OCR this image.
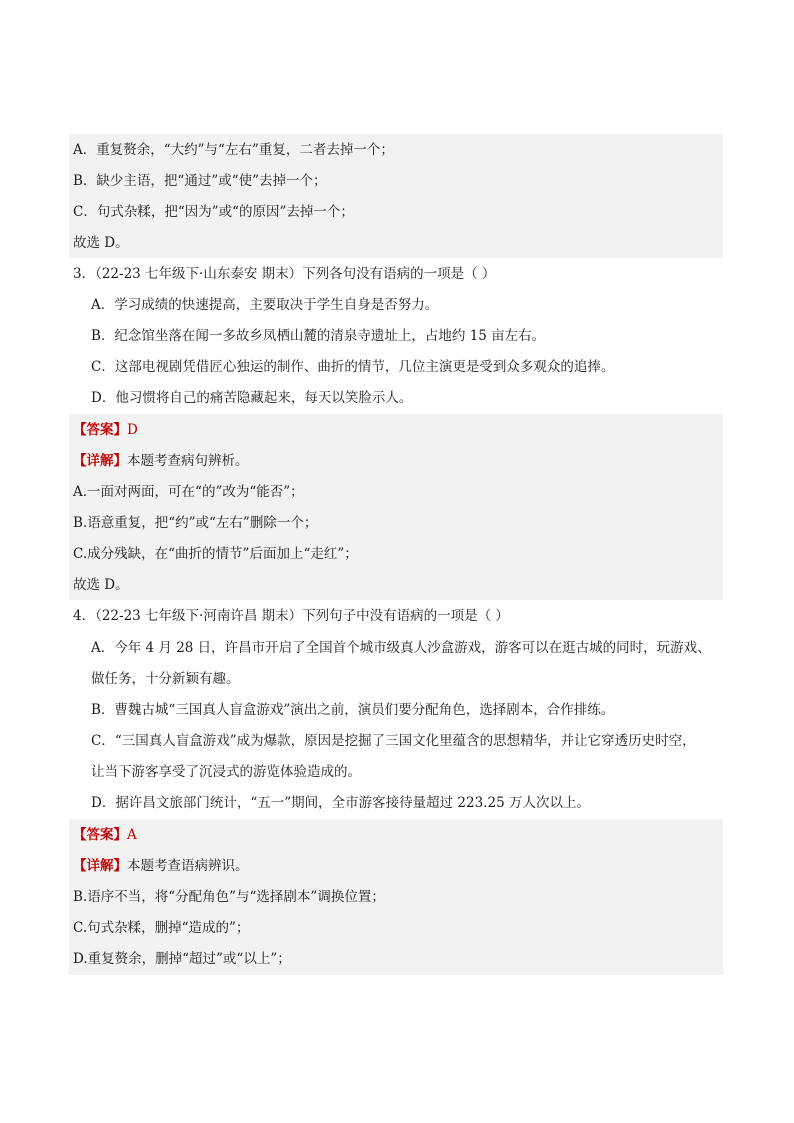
A．重复赘余，“大约”与“左右”重复，二者去掉一个；
B．缺少主语，把“通过”或“使”去掉一个；
C．句式杂糅，把“因为”或“的原因”去掉一个；
故选 D。
3．（22-23 七年级下·山东泰安 期末）下列各句没有语病的一项是（ ）
A．学习成绩的快速提高，主要取决于学生自身是否努力。
B．纪念馆坐落在闻一多故乡凤栖山麓的清泉寺遗址上，占地约 15 亩左右。
C．这部电视剧凭借匠心独运的制作、曲折的情节，几位主演更是受到众多观众的追捧。
D．他习惯将自己的痛苦隐藏起来，每天以笑脸示人。
【答案】D
【详解】本题考查病句辨析。
A.一面对两面，可在“的”改为“能否”；
B.语意重复，把“约”或“左右”删除一个；
C.成分残缺，在“曲折的情节”后面加上“走红”；
故选 D。
4．（22-23 七年级下·河南许昌 期末）下列句子中没有语病的一项是（ ）
A．今年 4 月 28 日，许昌市开启了全国首个城市级真人沙盒游戏，游客可以在逛古城的同时，玩游戏、
做任务，十分新颖有趣。
B．曹魏古城“三国真人盲盒游戏”演出之前，演员们要分配角色，选择剧本，合作排练。
C．“三国真人盲盒游戏”成为爆款，原因是挖掘了三国文化里蕴含的思想精华，并让它穿透历史时空，
让当下游客享受了沉浸式的游览体验造成的。
D．据许昌文旅部门统计，“五一”期间，全市游客接待量超过 223.25 万人次以上。
【答案】A
【详解】本题考查语病辨识。
B.语序不当，将“分配角色”与“选择剧本”调换位置；
C.句式杂糅，删掉“造成的”；
D.重复赘余，删掉“超过”或“以上”；
